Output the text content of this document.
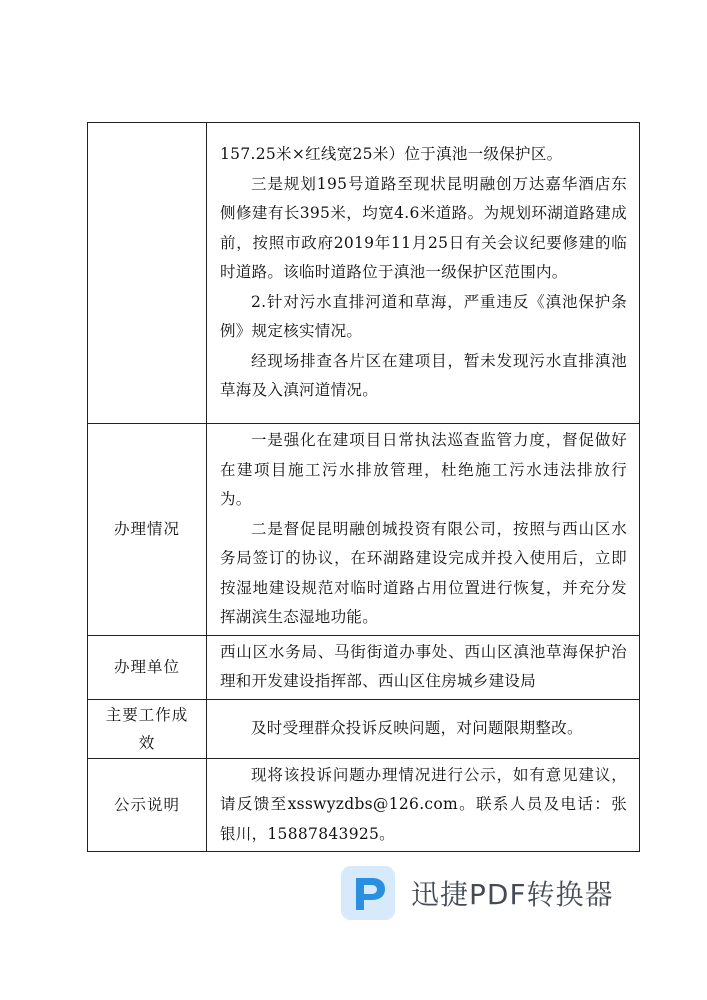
	157.25米×红线宽25米）位于滇池一级保护区。

三是规划195号道路至现状昆明融创万达嘉华酒店东侧修建有长395米，均宽4.6米道路。为规划环湖道路建成前，按照市政府2019年11月25日有关会议纪要修建的临时道路。该临时道路位于滇池一级保护区范围内。

2.针对污水直排河道和草海，严重违反《滇池保护条例》规定核实情况。

经现场排查各片区在建项目，暂未发现污水直排滇池草海及入滇河道情况。

办理情况	一是强化在建项目日常执法巡查监管力度，督促做好在建项目施工污水排放管理，杜绝施工污水违法排放行为。

二是督促昆明融创城投资有限公司，按照与西山区水务局签订的协议，在环湖路建设完成并投入使用后，立即按湿地建设规范对临时道路占用位置进行恢复，并充分发挥湖滨生态湿地功能。

办理单位	西山区水务局、马街街道办事处、西山区滇池草海保护治理和开发建设指挥部、西山区住房城乡建设局

主要工作成效	及时受理群众投诉反映问题，对问题限期整改。

公示说明	现将该投诉问题办理情况进行公示，如有意见建议，请反馈至xsswyzdbs@126.com。联系人员及电话：张银川，15887843925。

迅捷PDF转换器
